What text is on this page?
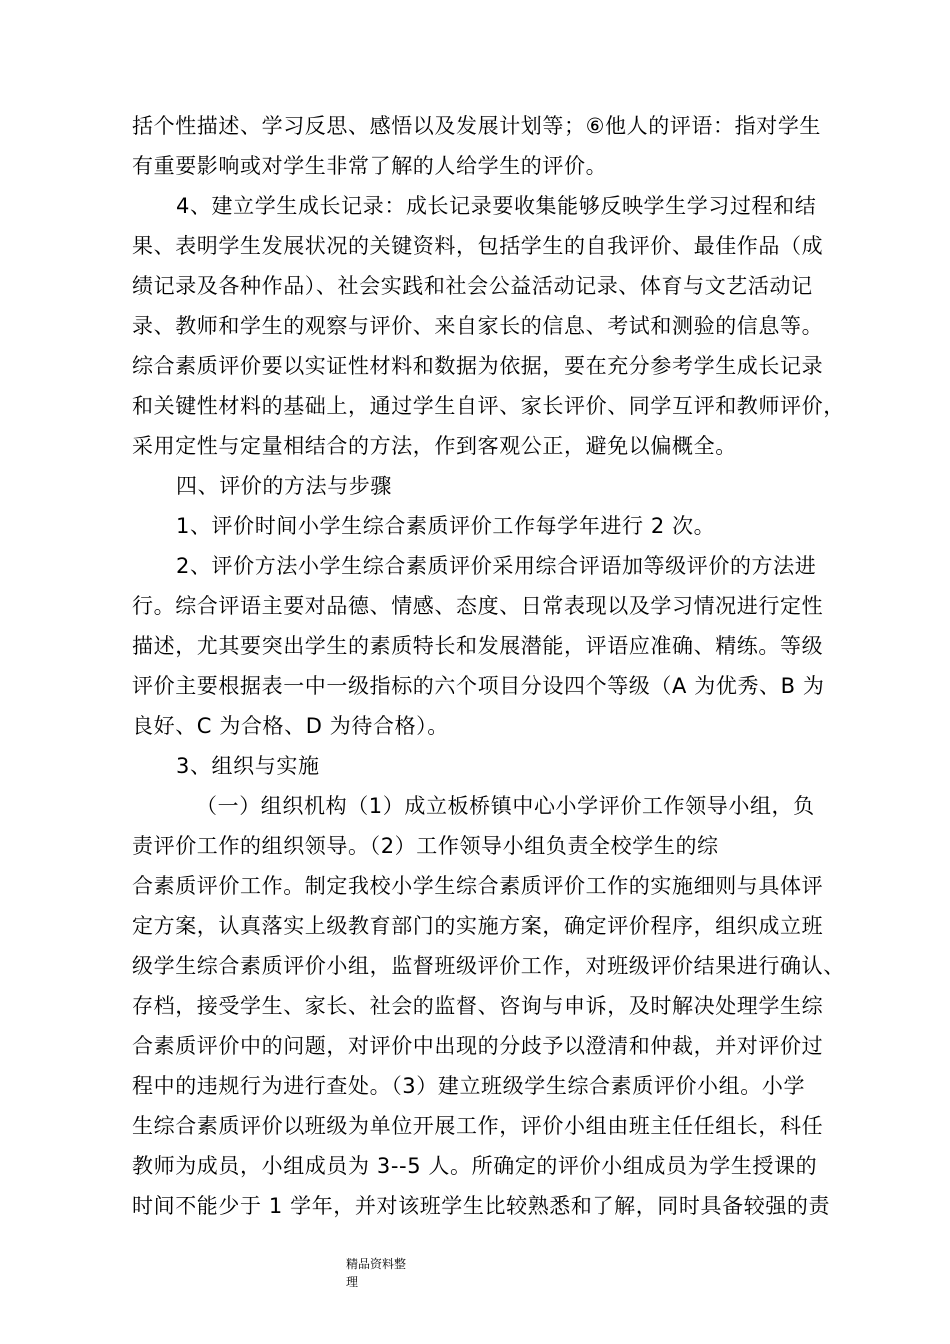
括个性描述、学习反思、感悟以及发展计划等；⑥他人的评语：指对学生
有重要影响或对学生非常了解的人给学生的评价。
4、建立学生成长记录：成长记录要收集能够反映学生学习过程和结
果、表明学生发展状况的关键资料，包括学生的自我评价、最佳作品（成
绩记录及各种作品）、社会实践和社会公益活动记录、体育与文艺活动记
录、教师和学生的观察与评价、来自家长的信息、考试和测验的信息等。
综合素质评价要以实证性材料和数据为依据，要在充分参考学生成长记录
和关键性材料的基础上，通过学生自评、家长评价、同学互评和教师评价，
采用定性与定量相结合的方法，作到客观公正，避免以偏概全。
四、评价的方法与步骤
1、评价时间小学生综合素质评价工作每学年进行 2 次。
2、评价方法小学生综合素质评价采用综合评语加等级评价的方法进
行。综合评语主要对品德、情感、态度、日常表现以及学习情况进行定性
描述，尤其要突出学生的素质特长和发展潜能，评语应准确、精练。等级
评价主要根据表一中一级指标的六个项目分设四个等级（A 为优秀、B 为
良好、C 为合格、D 为待合格）。
3、组织与实施
（一）组织机构（1）成立板桥镇中心小学评价工作领导小组，负
责评价工作的组织领导。（2）工作领导小组负责全校学生的综
合素质评价工作。制定我校小学生综合素质评价工作的实施细则与具体评
定方案，认真落实上级教育部门的实施方案，确定评价程序，组织成立班
级学生综合素质评价小组，监督班级评价工作，对班级评价结果进行确认、
存档，接受学生、家长、社会的监督、咨询与申诉，及时解决处理学生综
合素质评价中的问题，对评价中出现的分歧予以澄清和仲裁，并对评价过
程中的违规行为进行查处。（3）建立班级学生综合素质评价小组。小学
生综合素质评价以班级为单位开展工作，评价小组由班主任任组长，科任
教师为成员，小组成员为 3--5 人。所确定的评价小组成员为学生授课的
时间不能少于 1 学年，并对该班学生比较熟悉和了解，同时具备较强的责
精品资料整
理
